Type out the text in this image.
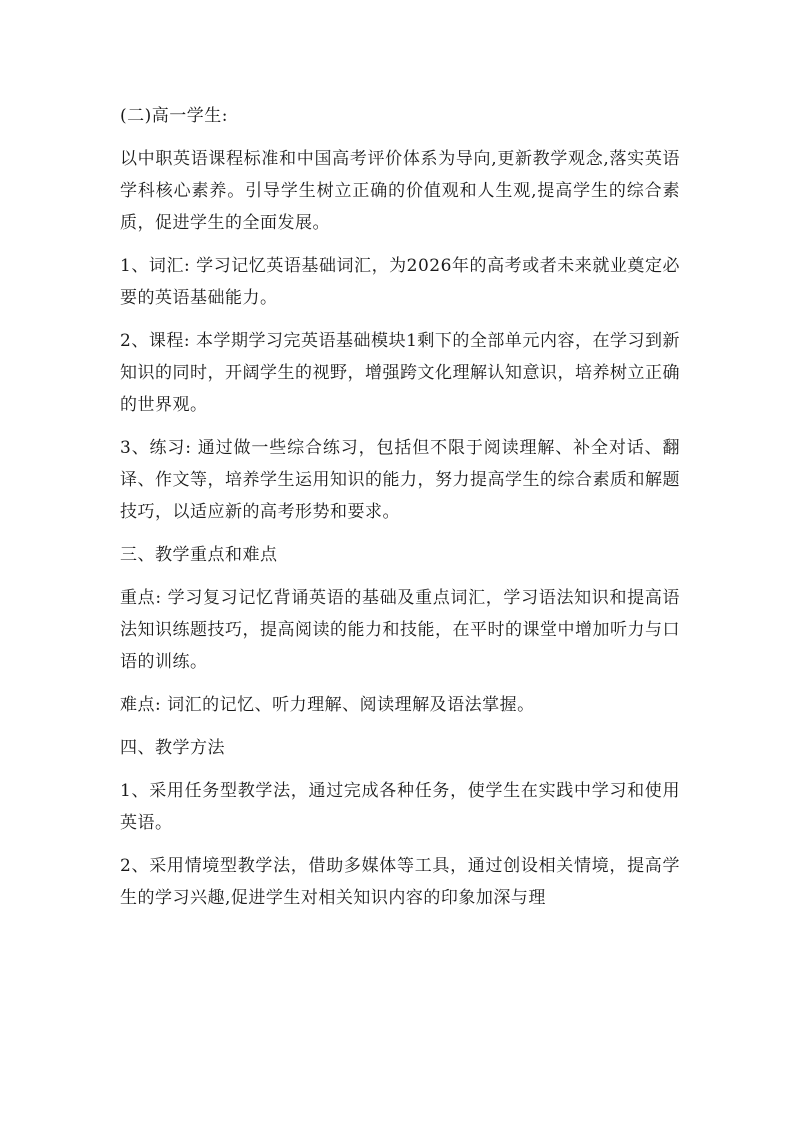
(二)高一学生:

以中职英语课程标准和中国高考评价体系为导向,更新教学观念,落实英语学科核心素养。引导学生树立正确的价值观和人生观,提高学生的综合素质，促进学生的全面发展。

1、词汇: 学习记忆英语基础词汇，为2026年的高考或者未来就业奠定必要的英语基础能力。

2、课程: 本学期学习完英语基础模块1剩下的全部单元内容，在学习到新知识的同时，开阔学生的视野，增强跨文化理解认知意识，培养树立正确的世界观。

3、练习: 通过做一些综合练习，包括但不限于阅读理解、补全对话、翻译、作文等，培养学生运用知识的能力，努力提高学生的综合素质和解题技巧，以适应新的高考形势和要求。

三、教学重点和难点

重点: 学习复习记忆背诵英语的基础及重点词汇，学习语法知识和提高语法知识练题技巧，提高阅读的能力和技能，在平时的课堂中增加听力与口语的训练。

难点: 词汇的记忆、听力理解、阅读理解及语法掌握。

四、教学方法

1、采用任务型教学法，通过完成各种任务，使学生在实践中学习和使用英语。

2、采用情境型教学法，借助多媒体等工具，通过创设相关情境，提高学生的学习兴趣,促进学生对相关知识内容的印象加深与理
